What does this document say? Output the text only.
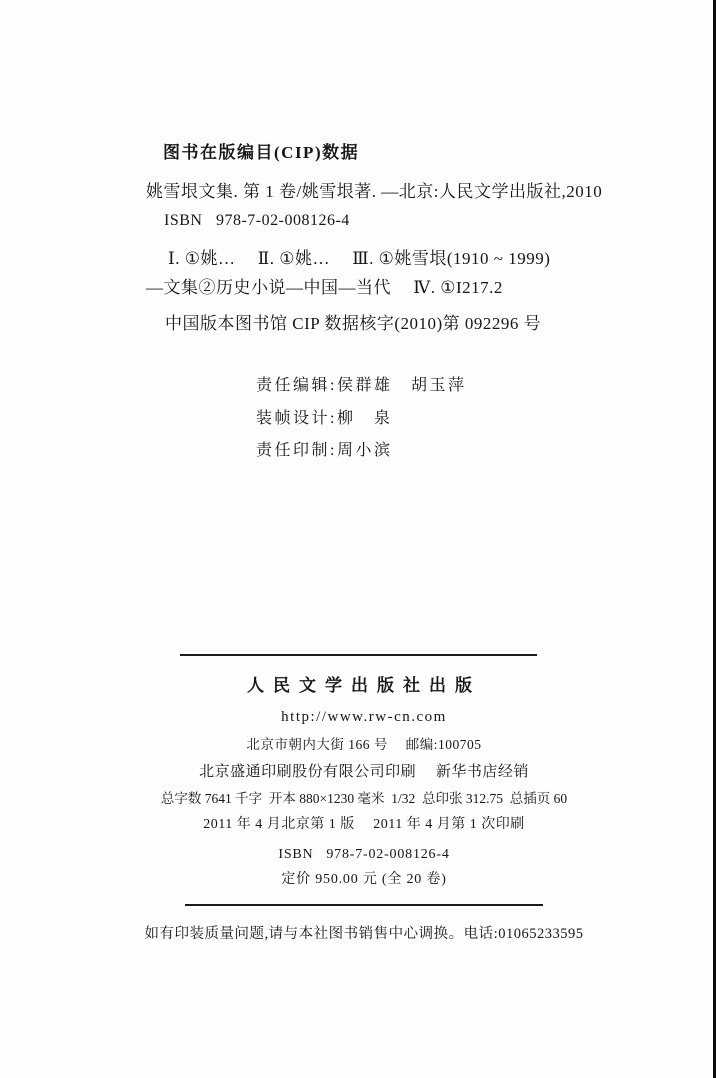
图书在版编目(CIP)数据
姚雪垠文集. 第 1 卷/姚雪垠著. —北京:人民文学出版社,2010
ISBN   978-7-02-008126-4
Ⅰ. ①姚…　 Ⅱ. ①姚…　 Ⅲ. ①姚雪垠(1910 ~ 1999)
—文集②历史小说—中国—当代　 Ⅳ. ①I217.2
中国版本图书馆 CIP 数据核字(2010)第 092296 号
责任编辑:侯群雄　胡玉萍
装帧设计:柳　泉
责任印制:周小滨
人民文学出版社出版
http://www.rw-cn.com
北京市朝内大街 166 号　 邮编:100705
北京盛通印刷股份有限公司印刷　 新华书店经销
总字数 7641 千字  开本 880×1230 毫米  1/32  总印张 312.75  总插页 60
2011 年 4 月北京第 1 版　 2011 年 4 月第 1 次印刷
ISBN   978-7-02-008126-4
定价 950.00 元 (全 20 卷)
如有印装质量问题,请与本社图书销售中心调换。电话:01065233595
